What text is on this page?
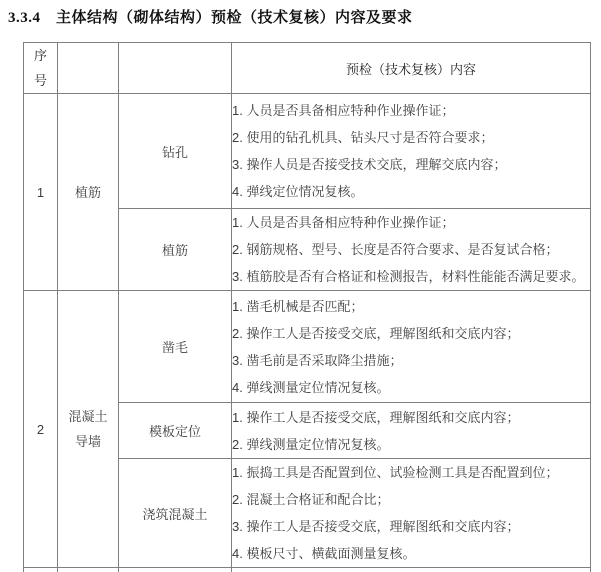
3.3.4　主体结构（砌体结构）预检（技术复核）内容及要求
序号			预检（技术复核）内容
1	植筋	钻孔	1. 人员是否具备相应特种作业操作证；
2. 使用的钻孔机具、钻头尺寸是否符合要求；
3. 操作人员是否接受技术交底，理解交底内容；
4. 弹线定位情况复核。

		植筋	1. 人员是否具备相应特种作业操作证；
2. 钢筋规格、型号、长度是否符合要求、是否复试合格；
3. 植筋胶是否有合格证和检测报告，材料性能能否满足要求。

2	混凝土导墙	凿毛	1. 凿毛机械是否匹配；
2. 操作工人是否接受交底，理解图纸和交底内容；
3. 凿毛前是否采取降尘措施；
4. 弹线测量定位情况复核。

		模板定位	1. 操作工人是否接受交底，理解图纸和交底内容；
2. 弹线测量定位情况复核。

		浇筑混凝土	1. 振捣工具是否配置到位、试验检测工具是否配置到位；
2. 混凝土合格证和配合比；
3. 操作工人是否接受交底，理解图纸和交底内容；
4. 模板尺寸、横截面测量复核。
